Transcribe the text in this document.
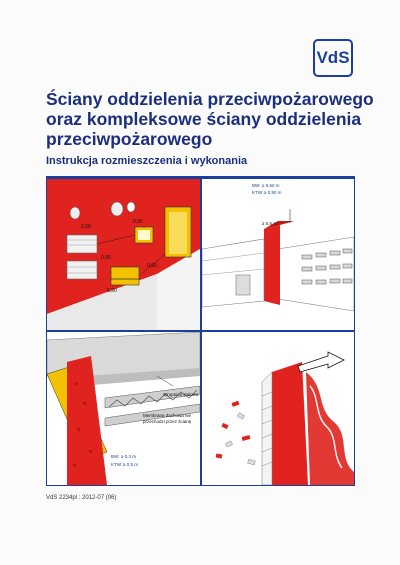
VdS
Ściany oddzielenia przeciwpożarowego
oraz kompleksowe ściany oddzielenia
przeciwpożarowego
Instrukcja rozmieszczenia i wykonania
0,90
0,90
0,95
0,90
0,90
≥ 0,5 m
BW: ≥ 0,60 m
KTW: ≥ 0,50 m
Stropnica stalowa
Membrana dachowa nie
przechodzi przez ścianę
BW: ≥ 0,3 m
KTW: ≥ 0,5 m
VdS 2234pl : 2012-07 (06)
